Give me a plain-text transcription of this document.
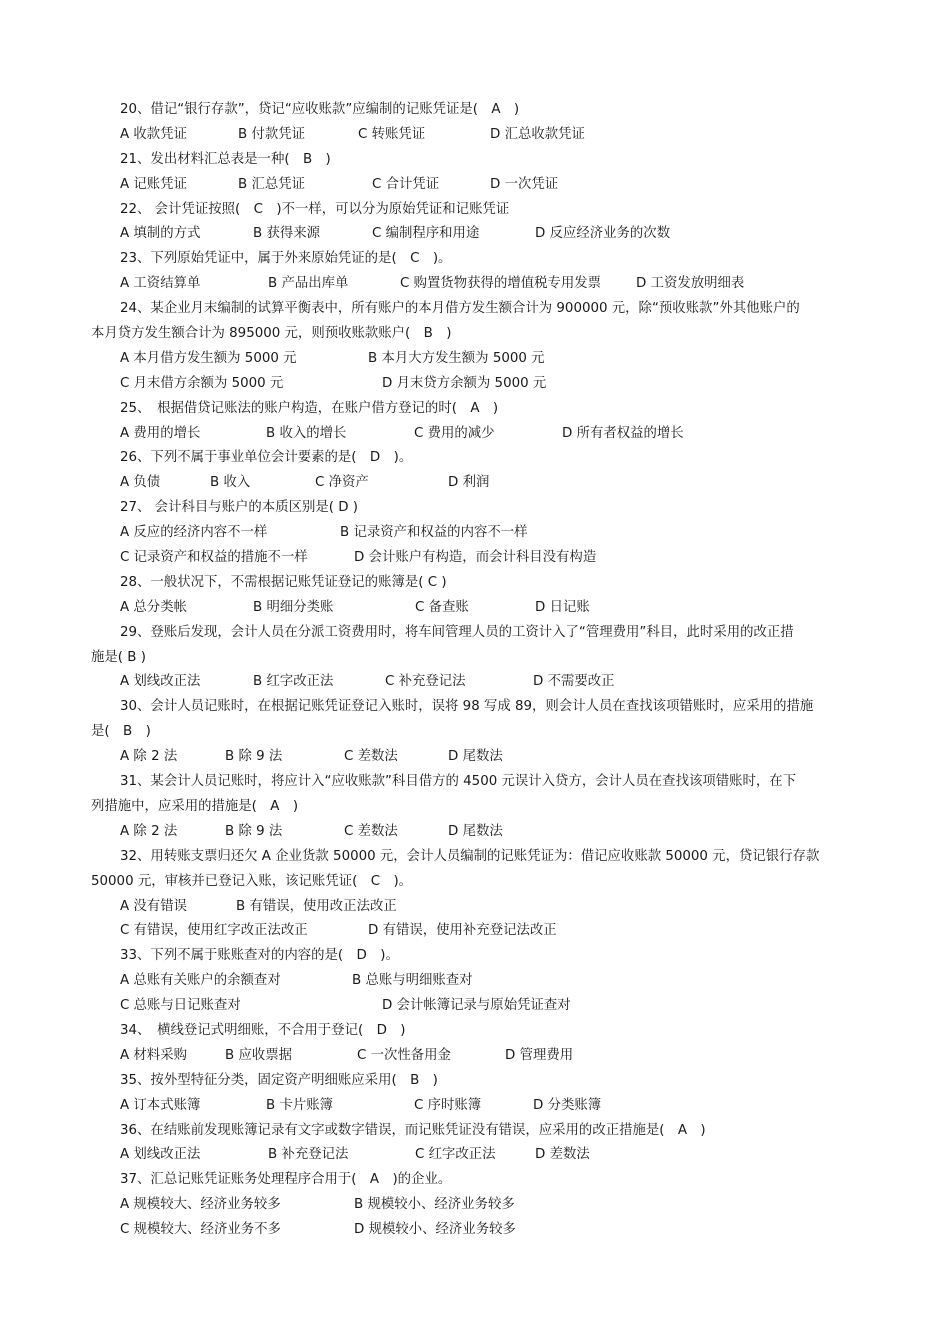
20、借记“银行存款”，贷记“应收账款”应编制的记账凭证是(　A　)
A 收款凭证	B 付款凭证	C 转账凭证	D 汇总收款凭证
21、发出材料汇总表是一种(　B　)
A 记账凭证	B 汇总凭证	C 合计凭证	D 一次凭证
22、 会计凭证按照(　C　)不一样，可以分为原始凭证和记账凭证
A 填制的方式	B 获得来源	C 编制程序和用途	D 反应经济业务的次数
23、下列原始凭证中，属于外来原始凭证的是(　C　)。
A 工资结算单	B 产品出库单	C 购置货物获得的增值税专用发票	D 工资发放明细表
24、某企业月末编制的试算平衡表中，所有账户的本月借方发生额合计为 900000 元，除“预收账款”外其他账户的
本月贷方发生额合计为 895000 元，则预收账款账户(　B　)
A 本月借方发生额为 5000 元	B 本月大方发生额为 5000 元
C 月末借方余额为 5000 元	D 月末贷方余额为 5000 元
25、　根据借贷记账法的账户构造，在账户借方登记的时(　A　)
A 费用的增长	B 收入的增长	C 费用的减少	D 所有者权益的增长
26、下列不属于事业单位会计要素的是(　D　)。
A 负债	B 收入	C 净资产	D 利润
27、 会计科目与账户的本质区别是( D )
A 反应的经济内容不一样	B 记录资产和权益的内容不一样
C 记录资产和权益的措施不一样	D 会计账户有构造，而会计科目没有构造
28、一般状况下，不需根据记账凭证登记的账簿是( C )
A 总分类帐	B 明细分类账	C 备查账	D 日记账
29、登账后发现，会计人员在分派工资费用时，将车间管理人员的工资计入了“管理费用”科目，此时采用的改正措
施是( B )
A 划线改正法	B 红字改正法	C 补充登记法	D 不需要改正
30、会计人员记账时，在根据记账凭证登记入账时，误将 98 写成 89，则会计人员在查找该项错账时，应采用的措施
是(　B　)
A 除 2 法	B 除 9 法	C 差数法	D 尾数法
31、某会计人员记账时，将应计入“应收账款”科目借方的 4500 元误计入贷方，会计人员在查找该项错账时，在下
列措施中，应采用的措施是(　A　)
A 除 2 法	B 除 9 法	C 差数法	D 尾数法
32、用转账支票归还欠 A 企业货款 50000 元，会计人员编制的记账凭证为：借记应收账款 50000 元，贷记银行存款
50000 元，审核并已登记入账，该记账凭证(　C　)。
A 没有错误	B 有错误，使用改正法改正
C 有错误，使用红字改正法改正	D 有错误，使用补充登记法改正
33、下列不属于账账查对的内容的是(　D　)。
A 总账有关账户的余额查对	B 总账与明细账查对
C 总账与日记账查对	D 会计帐簿记录与原始凭证查对
34、　横线登记式明细账，不合用于登记(　D　)
A 材料采购	B 应收票据	C 一次性备用金	D 管理费用
35、按外型特征分类，固定资产明细账应采用(　B　)
A 订本式账簿	B 卡片账簿	C 序时账簿	D 分类账簿
36、在结账前发现账簿记录有文字或数字错误，而记账凭证没有错误，应采用的改正措施是(　A　)
A 划线改正法	B 补充登记法	C 红字改正法	D 差数法
37、汇总记账凭证账务处理程序合用于(　A　)的企业。
A 规模较大、经济业务较多	B 规模较小、经济业务较多
C 规模较大、经济业务不多	D 规模较小、经济业务较多
